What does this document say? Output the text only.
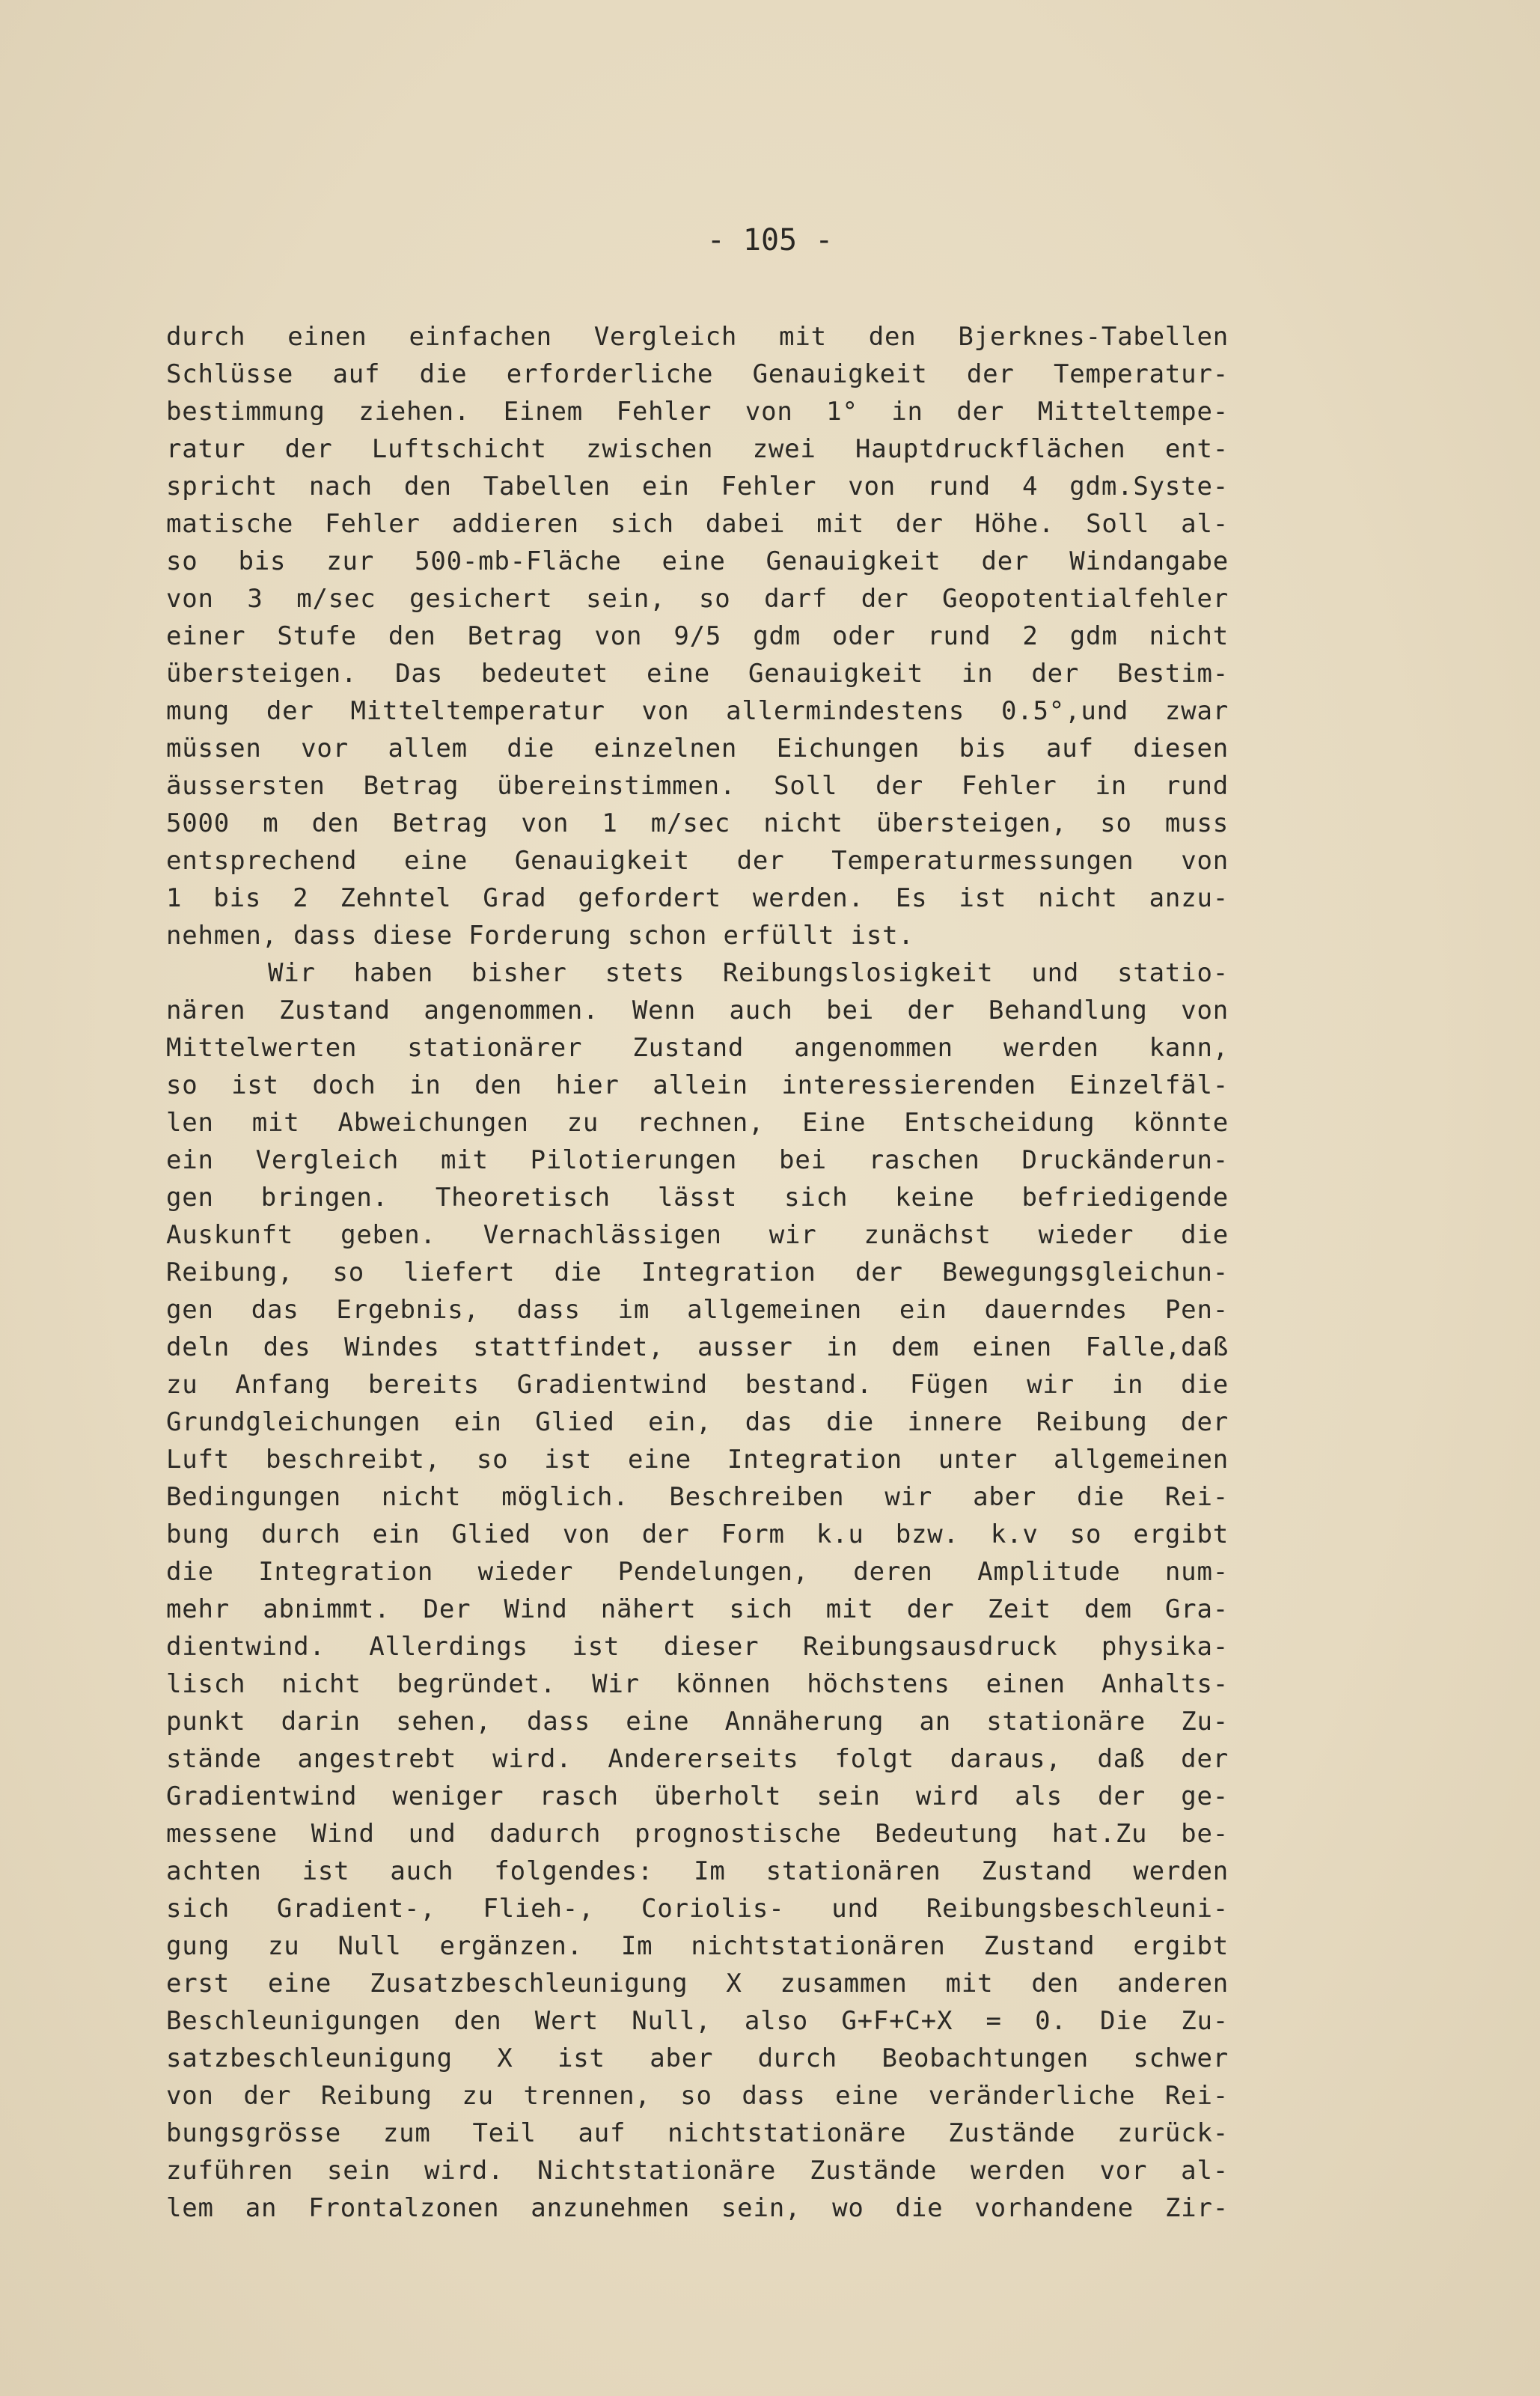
- 105 -
durch einen einfachen Vergleich mit den Bjerknes-Tabellen
Schlüsse auf die erforderliche Genauigkeit der Temperatur-
bestimmung ziehen. Einem Fehler von 1° in der Mitteltempe-
ratur der Luftschicht zwischen zwei Hauptdruckflächen ent-
spricht nach den Tabellen ein Fehler von rund 4 gdm.Syste-
matische Fehler addieren sich dabei mit der Höhe. Soll al-
so bis zur 500-mb-Fläche eine Genauigkeit der Windangabe
von 3 m/sec gesichert sein, so darf der Geopotentialfehler
einer Stufe den Betrag von 9/5 gdm oder rund 2 gdm nicht
übersteigen. Das bedeutet eine Genauigkeit in der Bestim-
mung der Mitteltemperatur von allermindestens 0.5°,und zwar
müssen vor allem die einzelnen Eichungen bis auf diesen
äussersten Betrag übereinstimmen. Soll der Fehler in rund
5000 m den Betrag von 1 m/sec nicht übersteigen, so muss
entsprechend eine Genauigkeit der Temperaturmessungen von
1 bis 2 Zehntel Grad gefordert werden. Es ist nicht anzu-
nehmen, dass diese Forderung schon erfüllt ist.
Wir haben bisher stets Reibungslosigkeit und statio-
nären Zustand angenommen. Wenn auch bei der Behandlung von
Mittelwerten stationärer Zustand angenommen werden kann,
so ist doch in den hier allein interessierenden Einzelfäl-
len mit Abweichungen zu rechnen, Eine Entscheidung könnte
ein Vergleich mit Pilotierungen bei raschen Druckänderun-
gen bringen. Theoretisch lässt sich keine befriedigende
Auskunft geben. Vernachlässigen wir zunächst wieder die
Reibung, so liefert die Integration der Bewegungsgleichun-
gen das Ergebnis, dass im allgemeinen ein dauerndes Pen-
deln des Windes stattfindet, ausser in dem einen Falle,daß
zu Anfang bereits Gradientwind bestand. Fügen wir in die
Grundgleichungen ein Glied ein, das die innere Reibung der
Luft beschreibt, so ist eine Integration unter allgemeinen
Bedingungen nicht möglich. Beschreiben wir aber die Rei-
bung durch ein Glied von der Form k.u bzw. k.v so ergibt
die Integration wieder Pendelungen, deren Amplitude num-
mehr abnimmt. Der Wind nähert sich mit der Zeit dem Gra-
dientwind. Allerdings ist dieser Reibungsausdruck physika-
lisch nicht begründet. Wir können höchstens einen Anhalts-
punkt darin sehen, dass eine Annäherung an stationäre Zu-
stände angestrebt wird. Andererseits folgt daraus, daß der
Gradientwind weniger rasch überholt sein wird als der ge-
messene Wind und dadurch prognostische Bedeutung hat.Zu be-
achten ist auch folgendes: Im stationären Zustand werden
sich Gradient-, Flieh-, Coriolis- und Reibungsbeschleuni-
gung zu Null ergänzen. Im nichtstationären Zustand ergibt
erst eine Zusatzbeschleunigung X zusammen mit den anderen
Beschleunigungen den Wert Null, also G+F+C+X = 0. Die Zu-
satzbeschleunigung X ist aber durch Beobachtungen schwer
von der Reibung zu trennen, so dass eine veränderliche Rei-
bungsgrösse zum Teil auf nichtstationäre Zustände zurück-
zuführen sein wird. Nichtstationäre Zustände werden vor al-
lem an Frontalzonen anzunehmen sein, wo die vorhandene Zir-
